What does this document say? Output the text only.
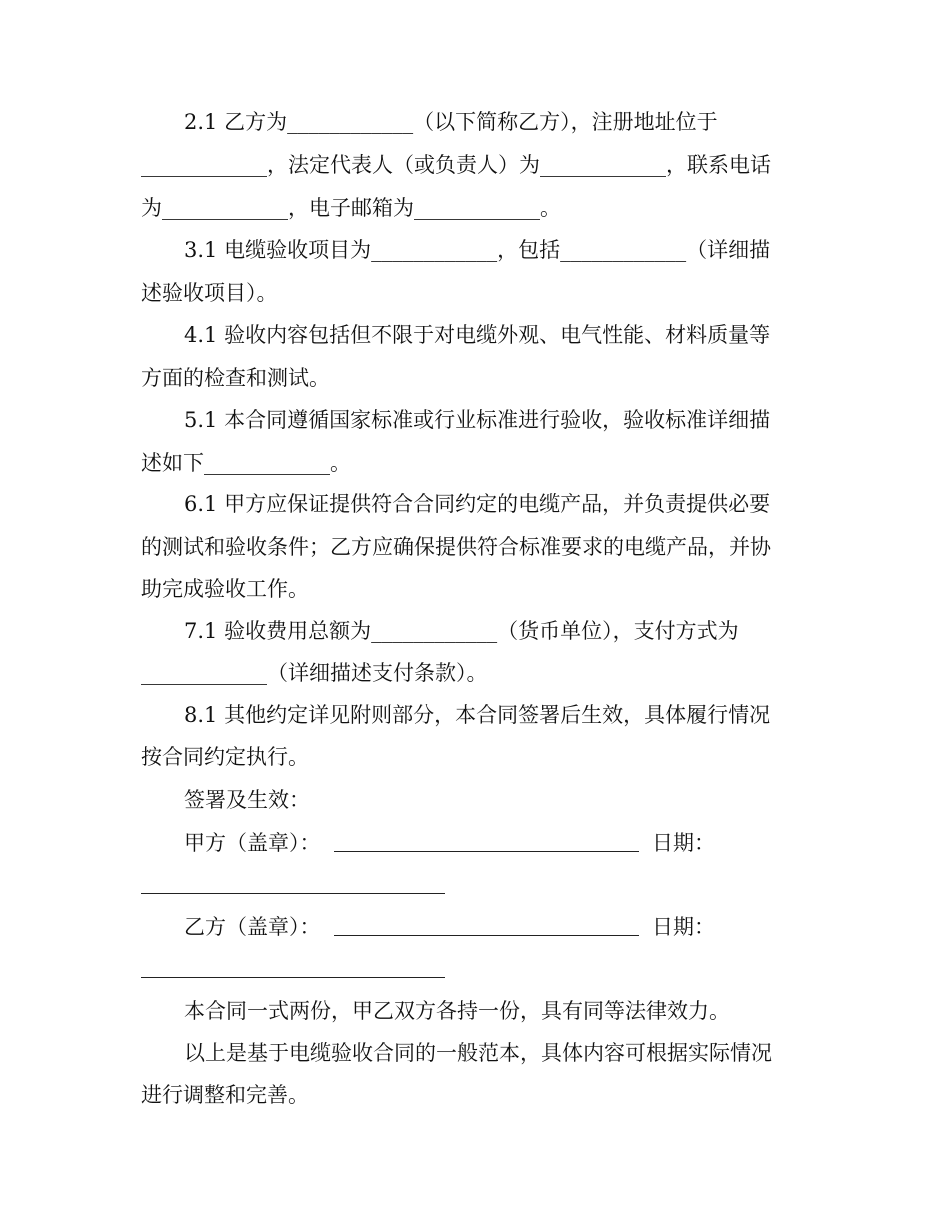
2.1 乙方为____________（以下简称乙方），注册地址位于
____________，法定代表人（或负责人）为____________，联系电话
为____________，电子邮箱为____________。
3.1 电缆验收项目为____________，包括____________（详细描
述验收项目）。
4.1 验收内容包括但不限于对电缆外观、电气性能、材料质量等
方面的检查和测试。
5.1 本合同遵循国家标准或行业标准进行验收，验收标准详细描
述如下____________。
6.1 甲方应保证提供符合合同约定的电缆产品，并负责提供必要
的测试和验收条件；乙方应确保提供符合标准要求的电缆产品，并协
助完成验收工作。
7.1 验收费用总额为____________（货币单位），支付方式为
____________（详细描述支付条款）。
8.1 其他约定详见附则部分，本合同签署后生效，具体履行情况
按合同约定执行。
签署及生效：
甲方（盖章）：	日期：
乙方（盖章）：	日期：
本合同一式两份，甲乙双方各持一份，具有同等法律效力。
以上是基于电缆验收合同的一般范本，具体内容可根据实际情况
进行调整和完善。
